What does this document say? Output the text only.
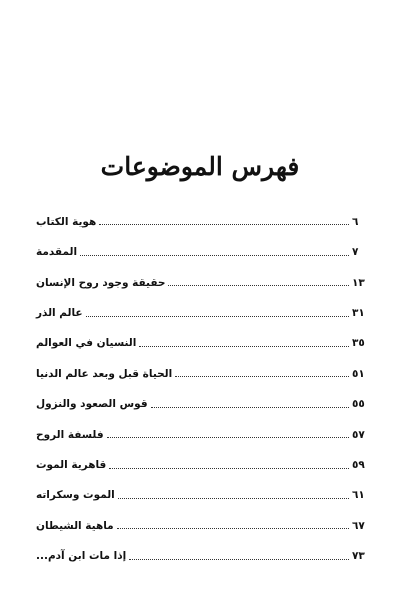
فهرس الموضوعات
هوية الكتاب	٦
المقدمة	٧
حقيقة وجود روح الإنسان	١٣
عالم الذر	٣١
النسيان في العوالم	٣٥
الحياة قبل وبعد عالم الدنيا	٥١
قوس الصعود والنزول	٥٥
فلسفة الروح	٥٧
قاهرية الموت	٥٩
الموت وسكراته	٦١
ماهية الشيطان	٦٧
إذا مات ابن آدم...	٧٣
